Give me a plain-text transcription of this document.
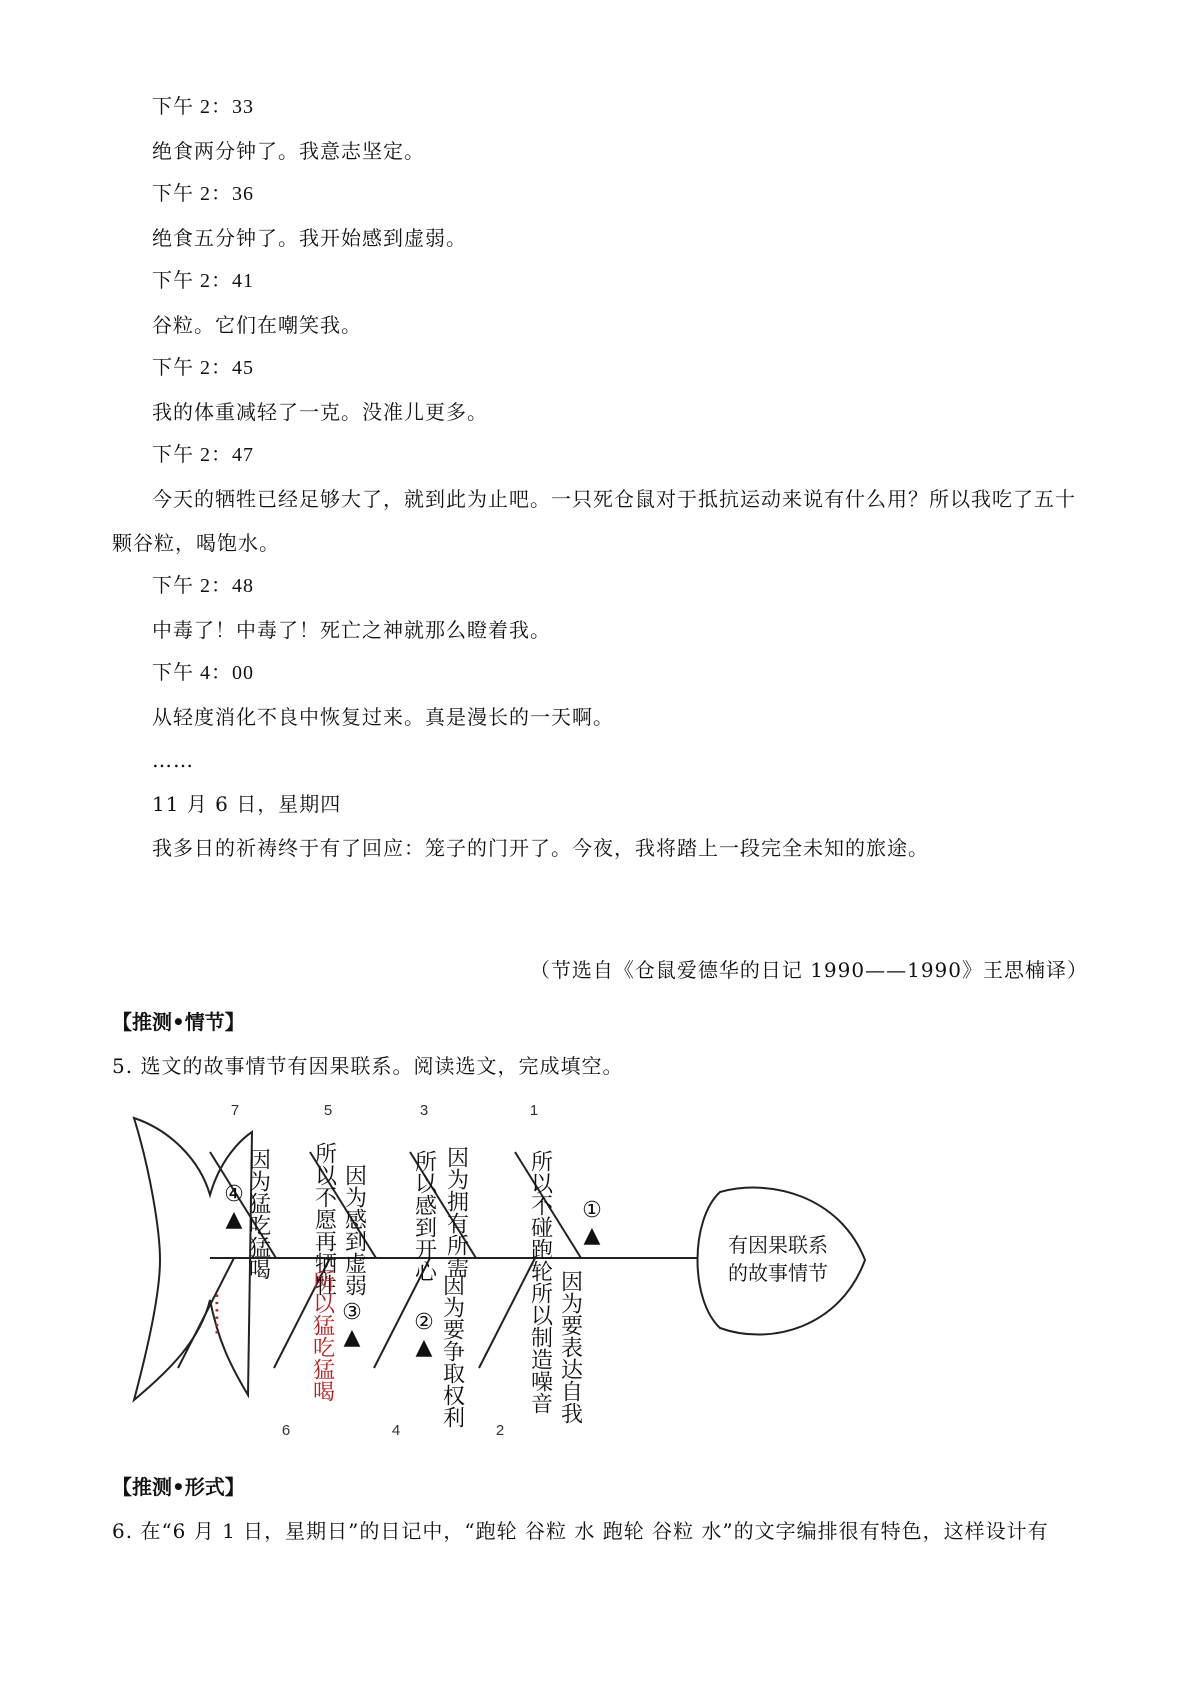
下午 2：33
绝食两分钟了。我意志坚定。
下午 2：36
绝食五分钟了。我开始感到虚弱。
下午 2：41
谷粒。它们在嘲笑我。
下午 2：45
我的体重减轻了一克。没准儿更多。
下午 2：47
今天的牺牲已经足够大了，就到此为止吧。一只死仓鼠对于抵抗运动来说有什么用？所以我吃了五十
颗谷粒，喝饱水。
下午 2：48
中毒了！中毒了！死亡之神就那么瞪着我。
下午 4：00
从轻度消化不良中恢复过来。真是漫长的一天啊。
……
11 月 6 日，星期四
我多日的祈祷终于有了回应：笼子的门开了。今夜，我将踏上一段完全未知的旅途。
（节选自《仓鼠爱德华的日记 1990——1990》王思楠译）
【推测•情节】
5. 选文的故事情节有因果联系。阅读选文，完成填空。
有因果联系
的故事情节
7	5	3	1
6	4	2
因为猛吃猛喝
④▲	所以不愿再牺牲 因为感到虚弱 所以感到开心 因为拥有所需	所以不碰跑轮 ①▲
……	所以猛吃猛喝 ③▲ ②▲ 因为要争取权利	所以制造噪音 因为要表达自我
【推测•形式】
6. 在“6 月 1 日，星期日”的日记中，“跑轮 谷粒 水 跑轮 谷粒 水”的文字编排很有特色，这样设计有
